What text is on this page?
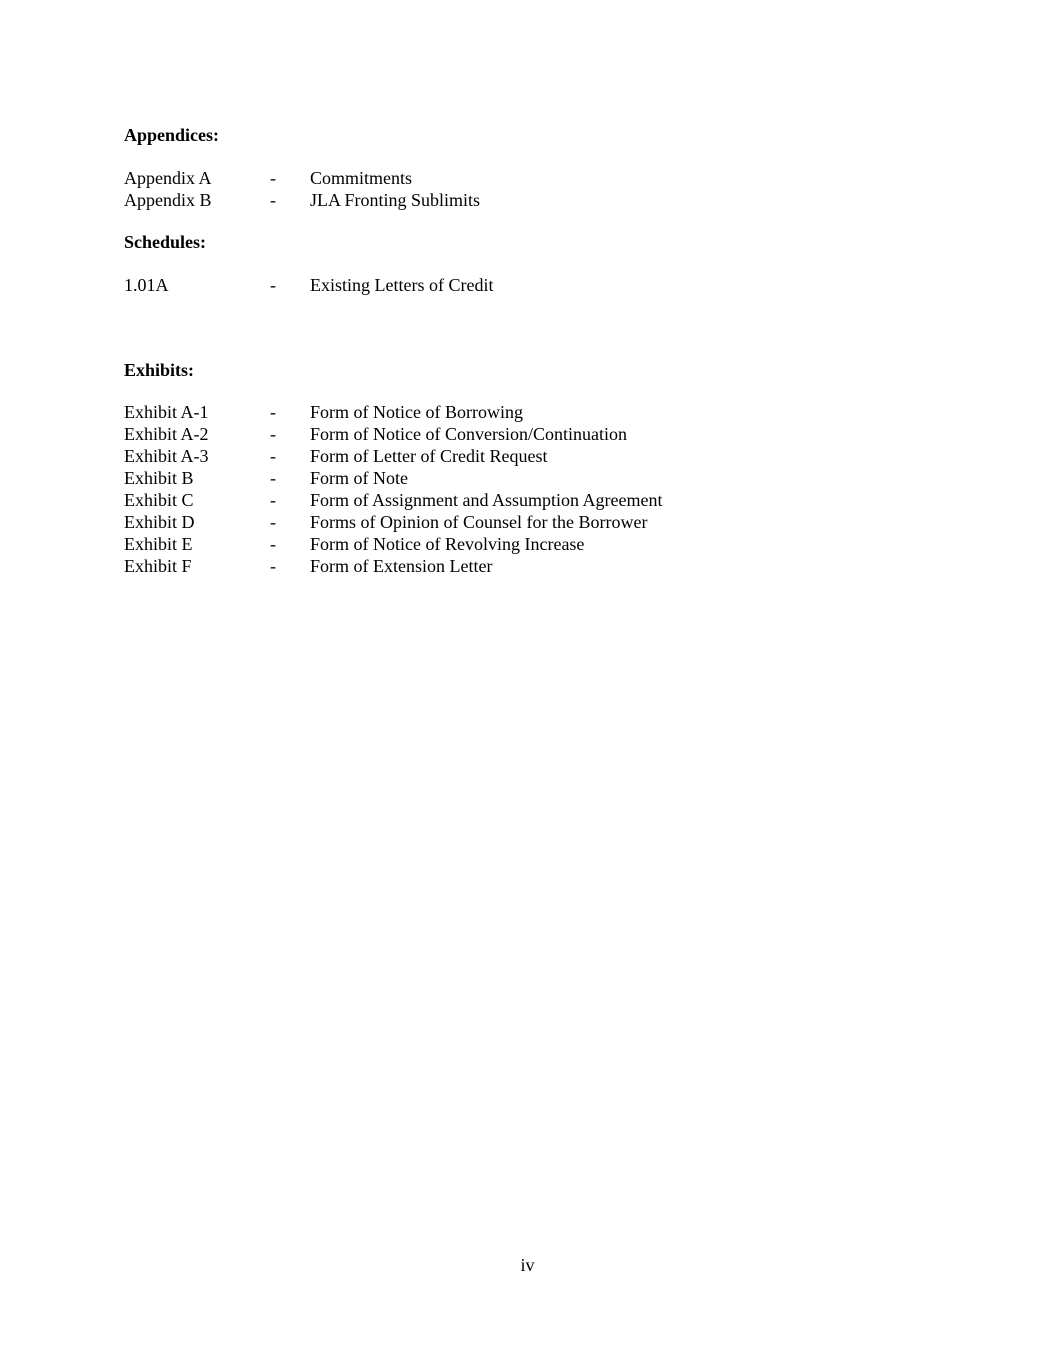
Appendices:
Appendix A	- Commitments
Appendix B	- JLA Fronting Sublimits
Schedules:
1.01A	- Existing Letters of Credit
Exhibits:
Exhibit A-1	- Form of Notice of Borrowing
Exhibit A-2	- Form of Notice of Conversion/Continuation
Exhibit A-3	- Form of Letter of Credit Request
Exhibit B	- Form of Note
Exhibit C	- Form of Assignment and Assumption Agreement
Exhibit D	- Forms of Opinion of Counsel for the Borrower
Exhibit E	- Form of Notice of Revolving Increase
Exhibit F	- Form of Extension Letter
iv
